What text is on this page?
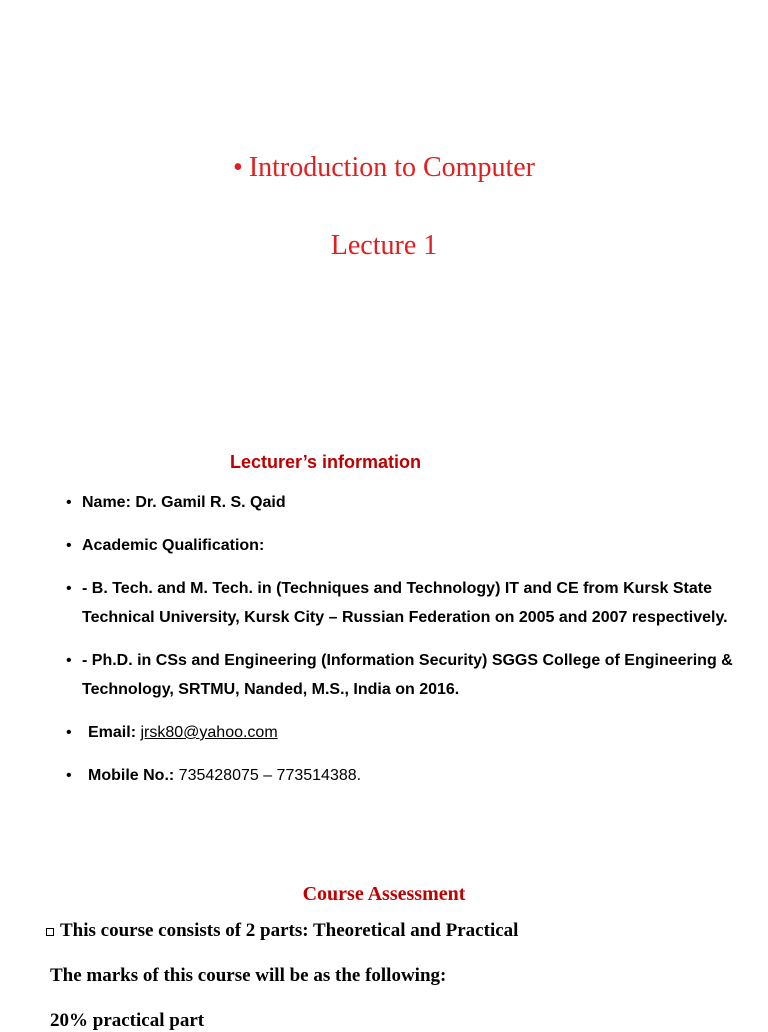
• Introduction to Computer
Lecture 1
Lecturer’s information
• Name: Dr. Gamil R. S. Qaid
• Academic Qualification:
• - B. Tech. and M. Tech. in (Techniques and Technology) IT and CE from Kursk State Technical University, Kursk City – Russian Federation on 2005 and 2007 respectively.
• - Ph.D. in CSs and Engineering (Information Security) SGGS College of Engineering & Technology, SRTMU, Nanded, M.S., India on 2016.
• Email: jrsk80@yahoo.com
• Mobile No.: 735428075 – 773514388.
Course Assessment
This course consists of 2 parts: Theoretical and Practical
The marks of this course will be as the following:
20% practical part
